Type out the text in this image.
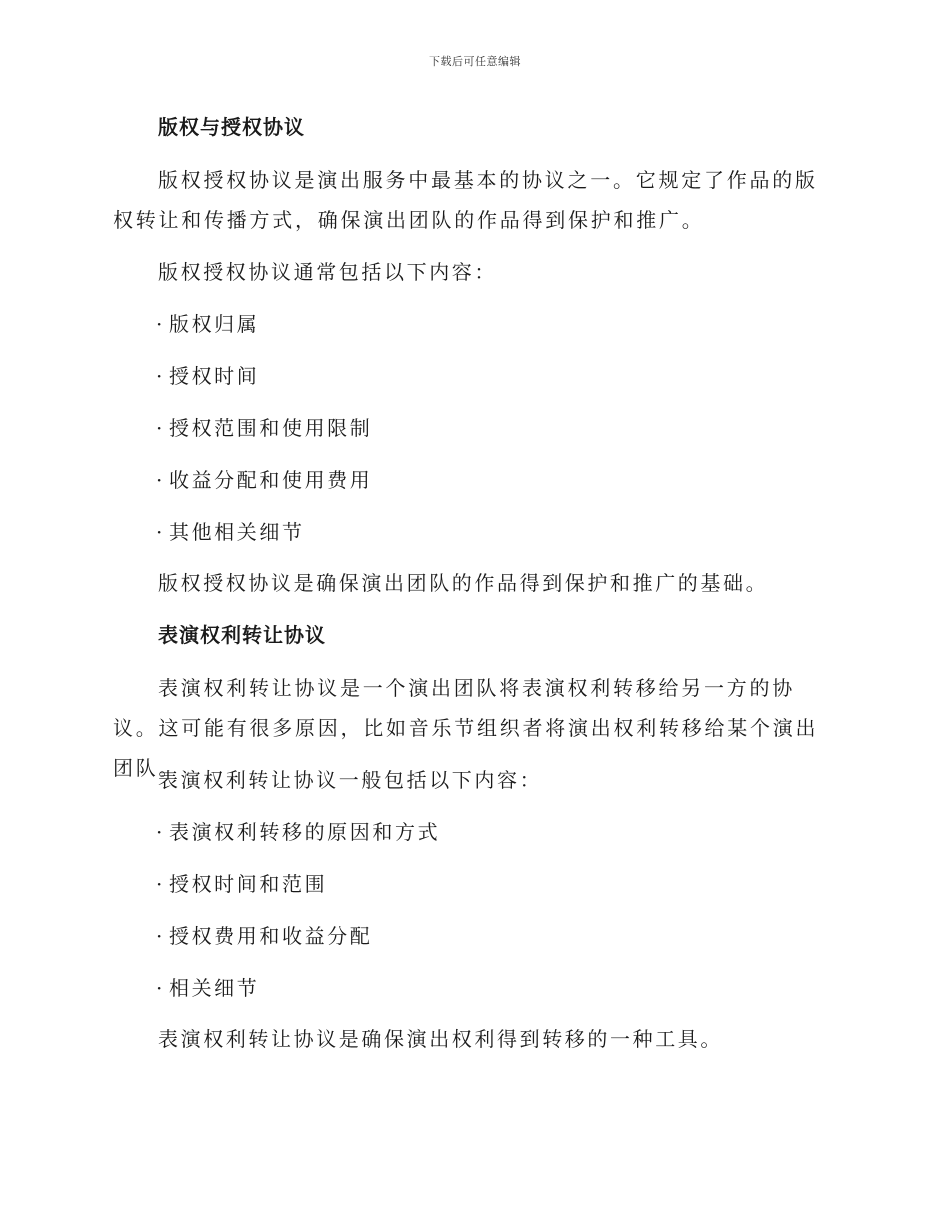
下载后可任意编辑
版权与授权协议
版权授权协议是演出服务中最基本的协议之一。它规定了作品的版权转让和传播方式，确保演出团队的作品得到保护和推广。
版权授权协议通常包括以下内容：
· 版权归属
· 授权时间
· 授权范围和使用限制
· 收益分配和使用费用
· 其他相关细节
版权授权协议是确保演出团队的作品得到保护和推广的基础。
表演权利转让协议
表演权利转让协议是一个演出团队将表演权利转移给另一方的协议。这可能有很多原因，比如音乐节组织者将演出权利转移给某个演出团队。
表演权利转让协议一般包括以下内容：
· 表演权利转移的原因和方式
· 授权时间和范围
· 授权费用和收益分配
· 相关细节
表演权利转让协议是确保演出权利得到转移的一种工具。
